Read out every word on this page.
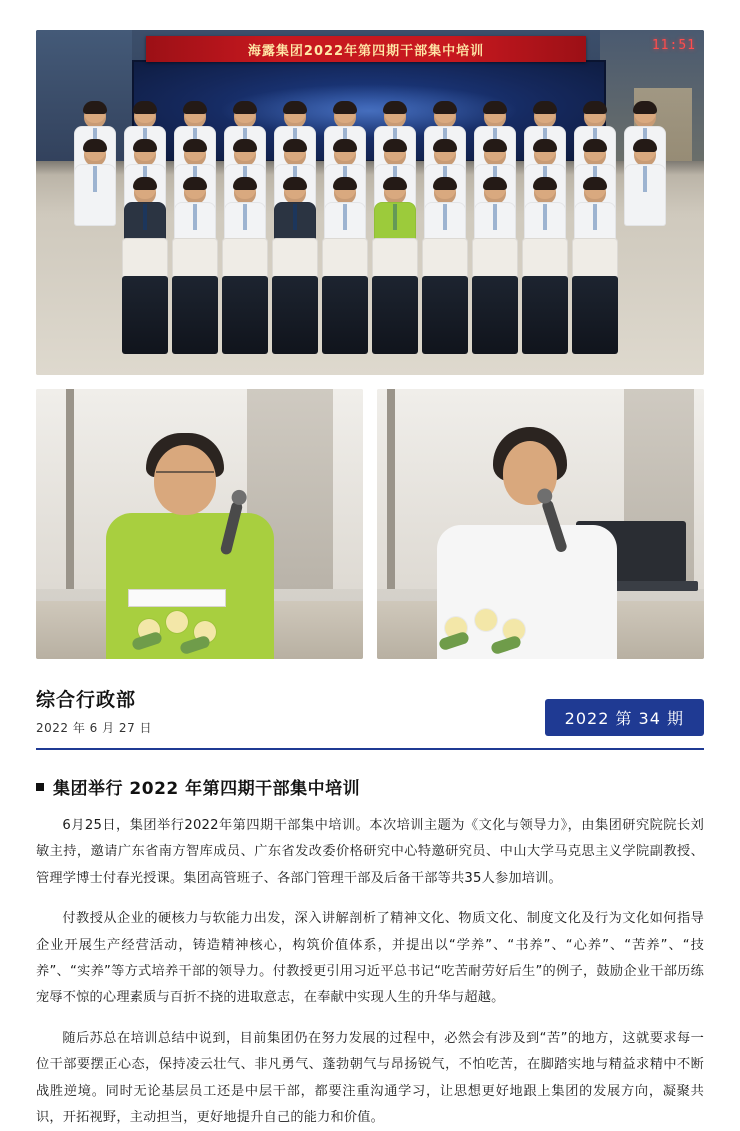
海露集团2022年第四期干部集中培训	11:51
综合行政部
2022 年 6 月 27 日	2022 第 34 期
集团举行 2022 年第四期干部集中培训

6月25日，集团举行2022年第四期干部集中培训。本次培训主题为《文化与领导力》，由集团研究院院长刘敏主持，邀请广东省南方智库成员、广东省发改委价格研究中心特邀研究员、中山大学马克思主义学院副教授、管理学博士付春光授课。集团高管班子、各部门管理干部及后备干部等共35人参加培训。

付教授从企业的硬核力与软能力出发，深入讲解剖析了精神文化、物质文化、制度文化及行为文化如何指导企业开展生产经营活动，铸造精神核心，构筑价值体系，并提出以“学养”、“书养”、“心养”、“苦养”、“技养”、“实养”等方式培养干部的领导力。付教授更引用习近平总书记“吃苦耐劳好后生”的例子，鼓励企业干部历练宠辱不惊的心理素质与百折不挠的进取意志，在奉献中实现人生的升华与超越。

随后苏总在培训总结中说到，目前集团仍在努力发展的过程中，必然会有涉及到“苦”的地方，这就要求每一位干部要摆正心态，保持凌云壮气、非凡勇气、蓬勃朝气与昂扬锐气，不怕吃苦，在脚踏实地与精益求精中不断战胜逆境。同时无论基层员工还是中层干部，都要注重沟通学习，让思想更好地跟上集团的发展方向，凝聚共识，开拓视野，主动担当，更好地提升自己的能力和价值。
